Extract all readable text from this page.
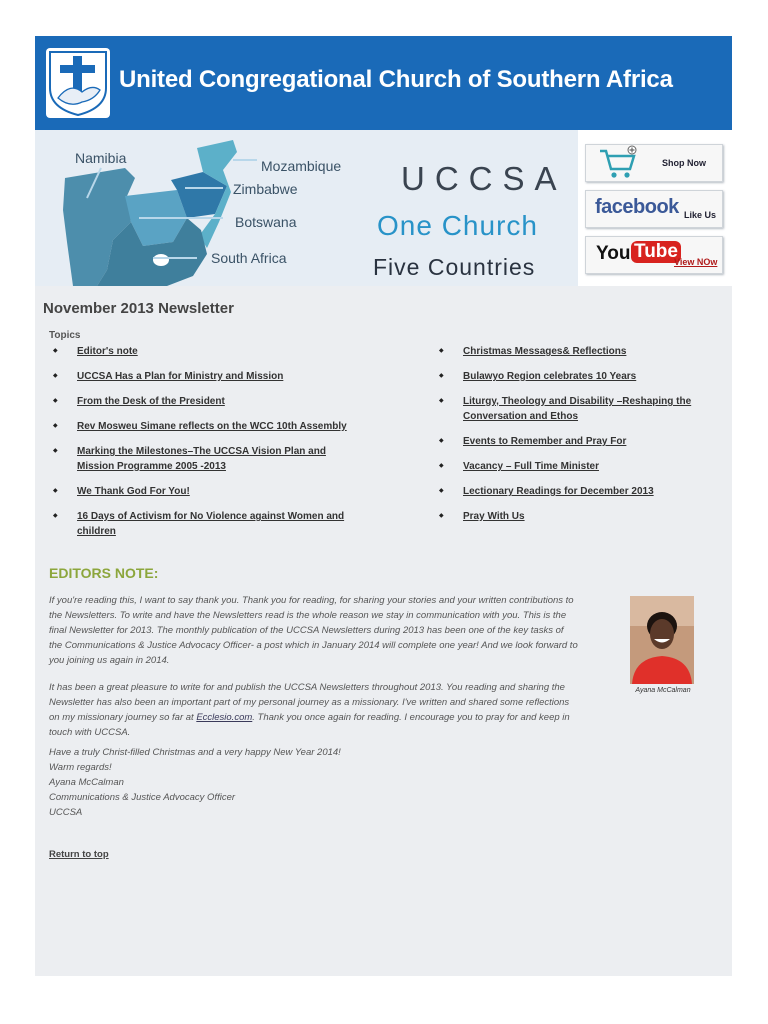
United Congregational Church of Southern Africa
Namibia	Mozambique
Zimbabwe
Botswana
South Africa
UCCSA
One Church
Five Countries
Shop Now
facebook Like Us
You Tube
View NOw
November 2013 Newsletter
Topics
◆ Editor's note
◆ UCCSA Has a Plan for Ministry and Mission
◆ From the Desk of the President
◆ Rev Mosweu Simane reflects on the WCC 10th Assembly
◆ Marking the Milestones–The UCCSA Vision Plan and Mission Programme 2005 -2013
◆ We Thank God For You!
◆ 16 Days of Activism for No Violence against Women and children
◆ Christmas Messages& Reflections
◆ Bulawyo Region celebrates 10 Years
◆ Liturgy, Theology and Disability –Reshaping the Conversation and Ethos
◆ Events to Remember and Pray For
◆ Vacancy – Full Time Minister
◆ Lectionary Readings for December 2013
◆ Pray With Us
EDITORS NOTE:

If you're reading this, I want to say thank you. Thank you for reading, for sharing your stories and your written contributions to the Newsletters. To write and have the Newsletters read is the whole reason we stay in communication with you. This is the final Newsletter for 2013. The monthly publication of the UCCSA Newsletters during 2013 has been one of the key tasks of the Communications & Justice Advocacy Officer- a post which in January 2014 will complete one year! And we look forward to you joining us again in 2014.

It has been a great pleasure to write for and publish the UCCSA Newsletters throughout 2013. You reading and sharing the Newsletter has also been an important part of my personal journey as a missionary. I've written and shared some reflections on my missionary journey so far at Ecclesio.com. Thank you once again for reading. I encourage you to pray for and keep in touch with UCCSA.

Have a truly Christ-filled Christmas and a very happy New Year 2014!
Warm regards!
Ayana McCalman
Communications & Justice Advocacy Officer
UCCSA
Ayana McCalman
Return to top
